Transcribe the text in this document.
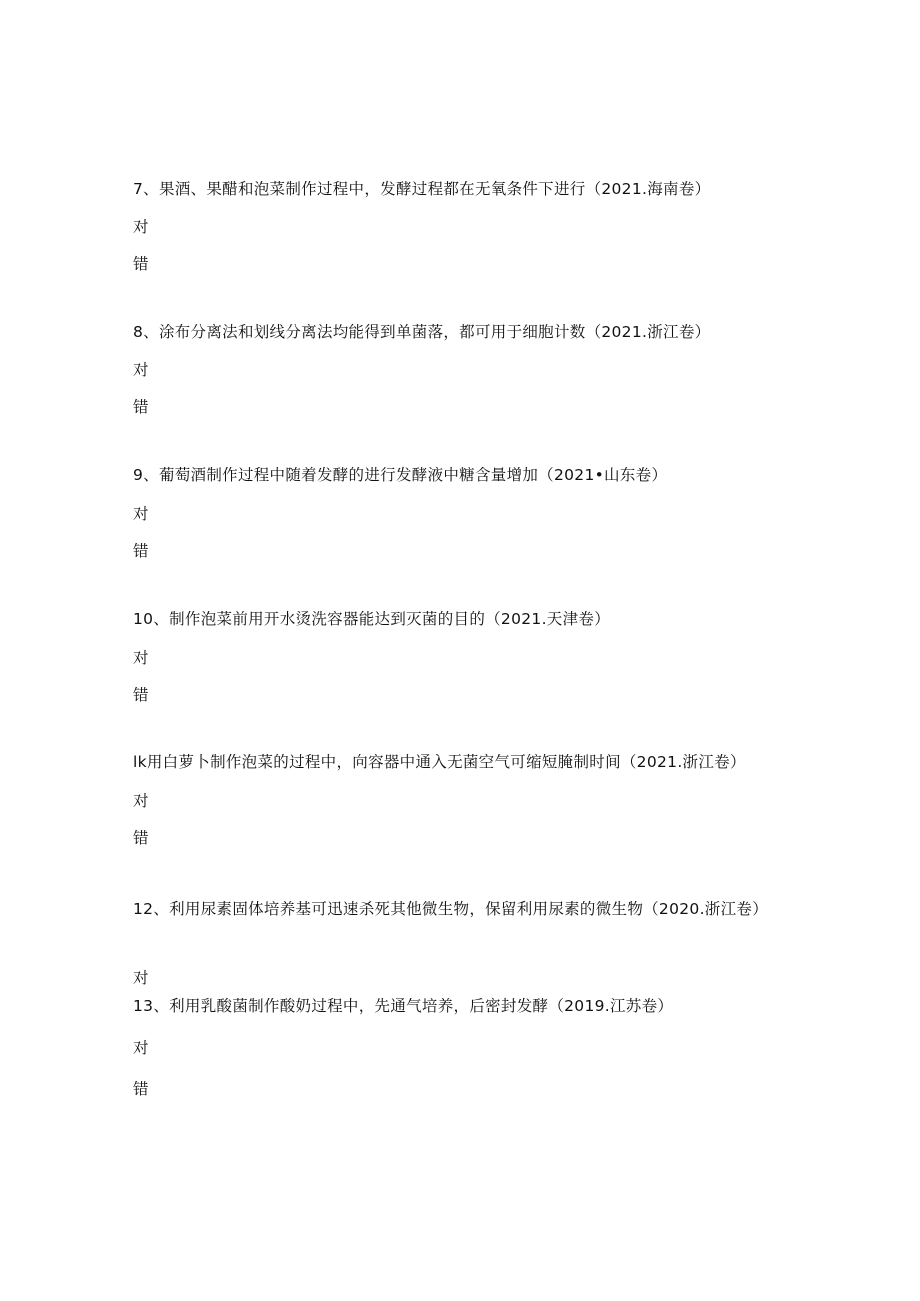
7、果酒、果醋和泡菜制作过程中，发酵过程都在无氧条件下进行（2021.海南卷）
对
错
8、涂布分离法和划线分离法均能得到单菌落，都可用于细胞计数（2021.浙江卷）
对
错
9、葡萄酒制作过程中随着发酵的进行发酵液中糖含量增加（2021•山东卷）
对
错
10、制作泡菜前用开水烫洗容器能达到灭菌的目的（2021.天津卷）
对
错
lk用白萝卜制作泡菜的过程中，向容器中通入无菌空气可缩短腌制时间（2021.浙江卷）
对
错
12、利用尿素固体培养基可迅速杀死其他微生物，保留利用尿素的微生物（2020.浙江卷）
对
13、利用乳酸菌制作酸奶过程中，先通气培养，后密封发酵（2019.江苏卷）
对
错
